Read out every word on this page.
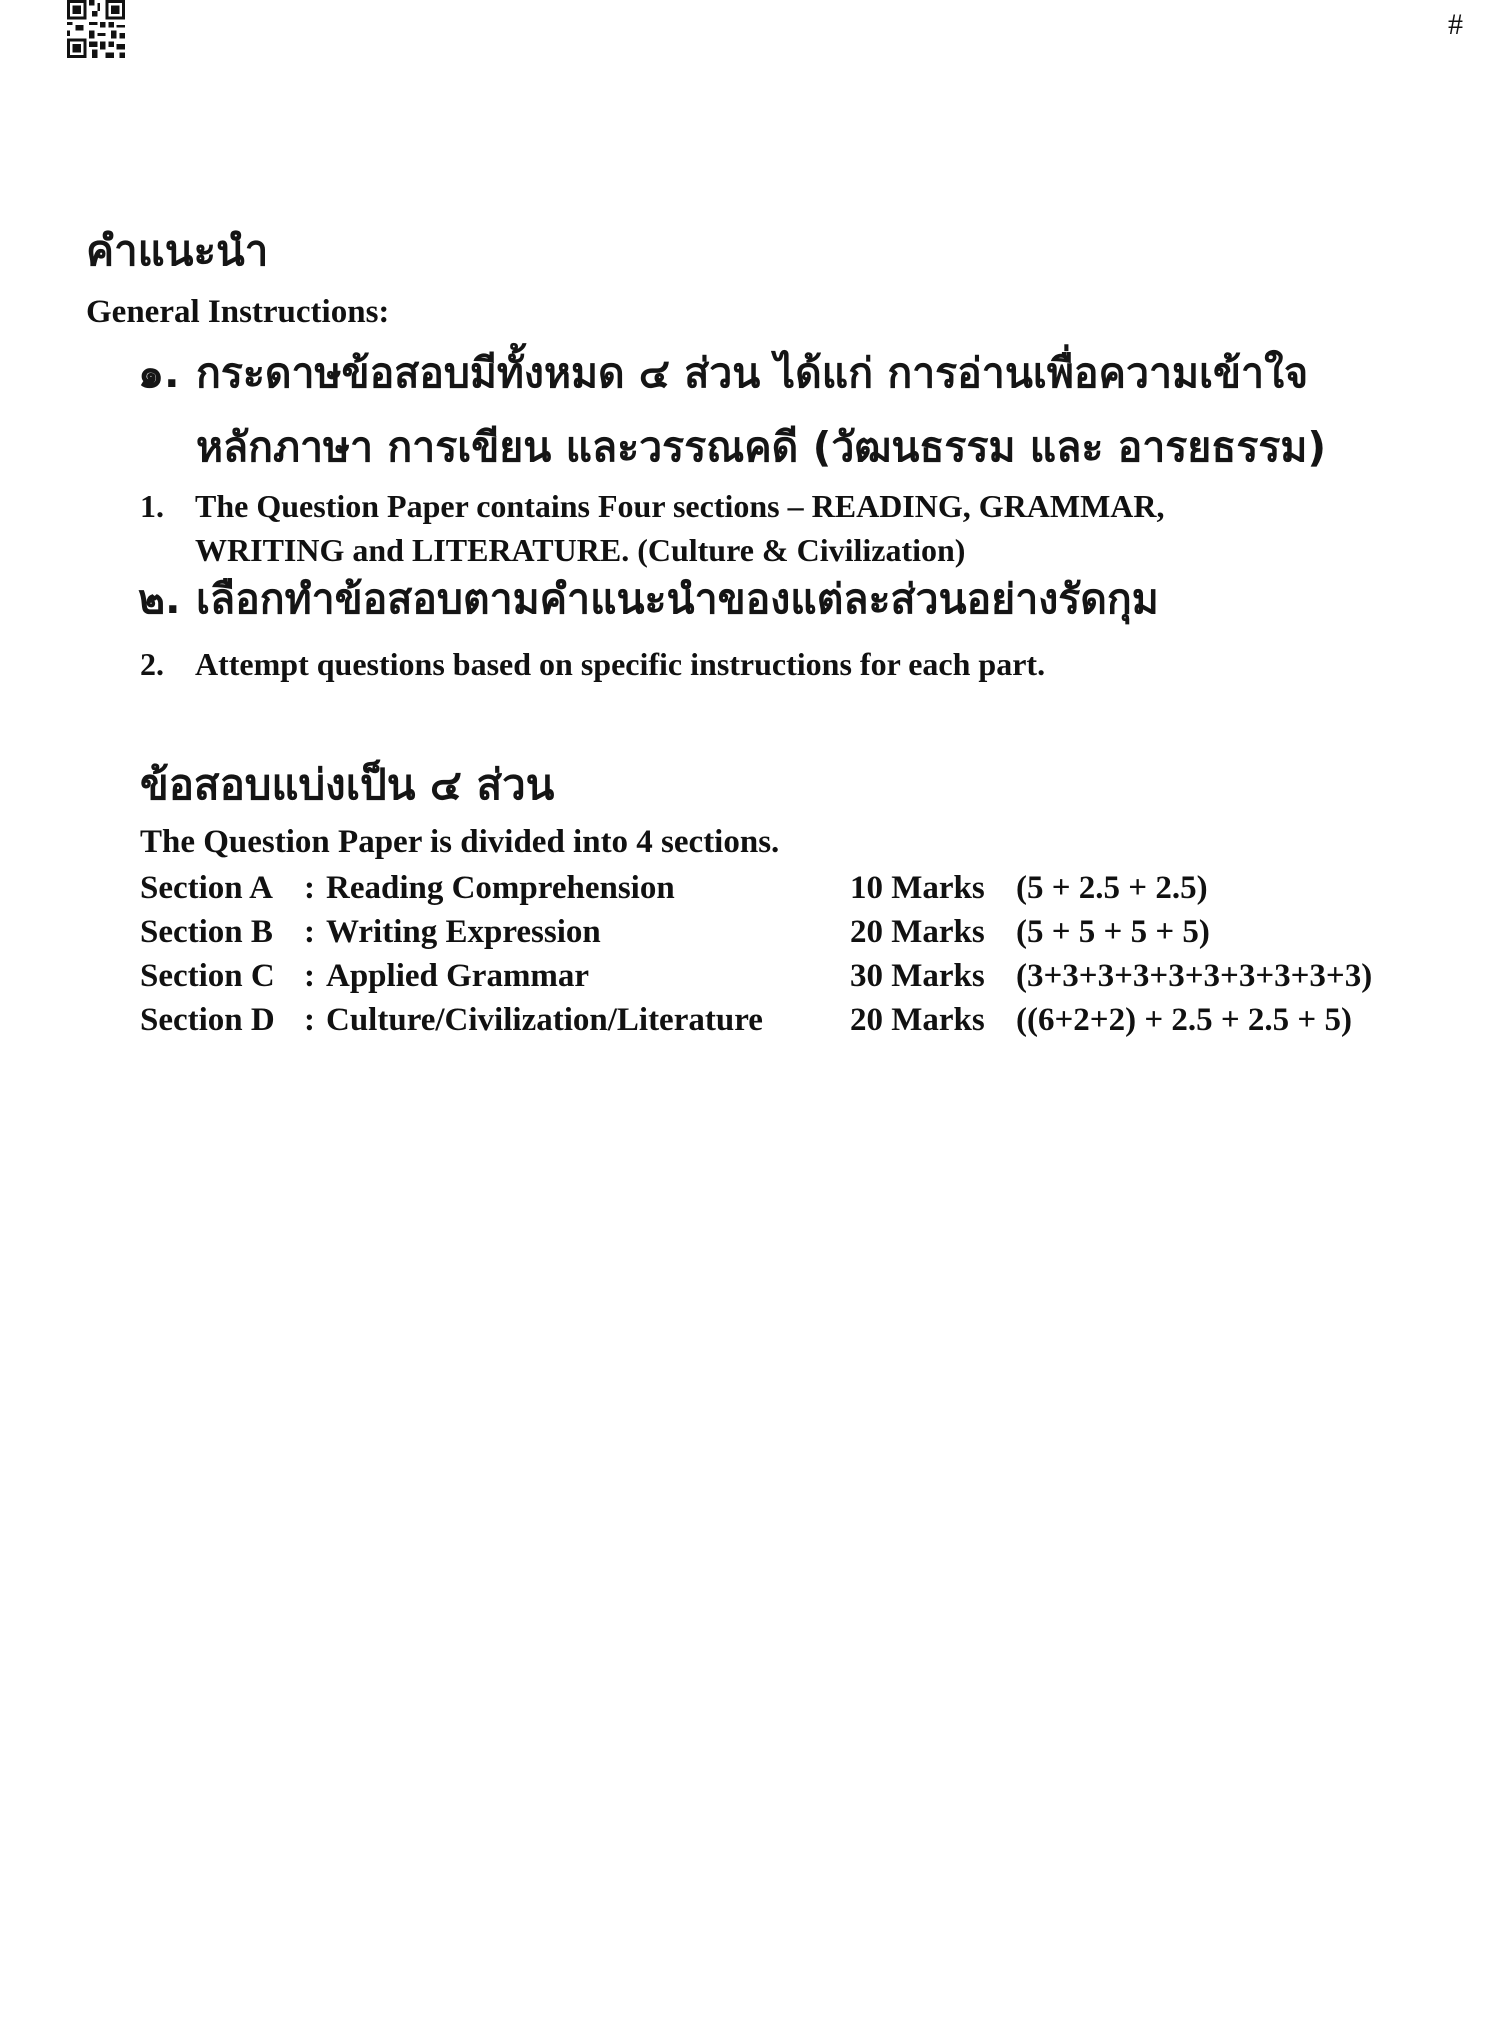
#
คำแนะนำ
General Instructions:
๑. กระดาษข้อสอบมีทั้งหมด ๔ ส่วน ได้แก่ การอ่านเพื่อความเข้าใจ
หลักภาษา การเขียน และวรรณคดี (วัฒนธรรม และ อารยธรรม)
1. The Question Paper contains Four sections – READING, GRAMMAR,
WRITING and LITERATURE. (Culture & Civilization)
๒. เลือกทำข้อสอบตามคำแนะนำของแต่ละส่วนอย่างรัดกุม
2. Attempt questions based on specific instructions for each part.
ข้อสอบแบ่งเป็น ๔ ส่วน
The Question Paper is divided into 4 sections.
Section A : Reading Comprehension	10 Marks (5 + 2.5 + 2.5)
Section B : Writing Expression	20 Marks (5 + 5 + 5 + 5)
Section C : Applied Grammar	30 Marks (3+3+3+3+3+3+3+3+3+3)
Section D : Culture/Civilization/Literature	20 Marks ((6+2+2) + 2.5 + 2.5 + 5)
